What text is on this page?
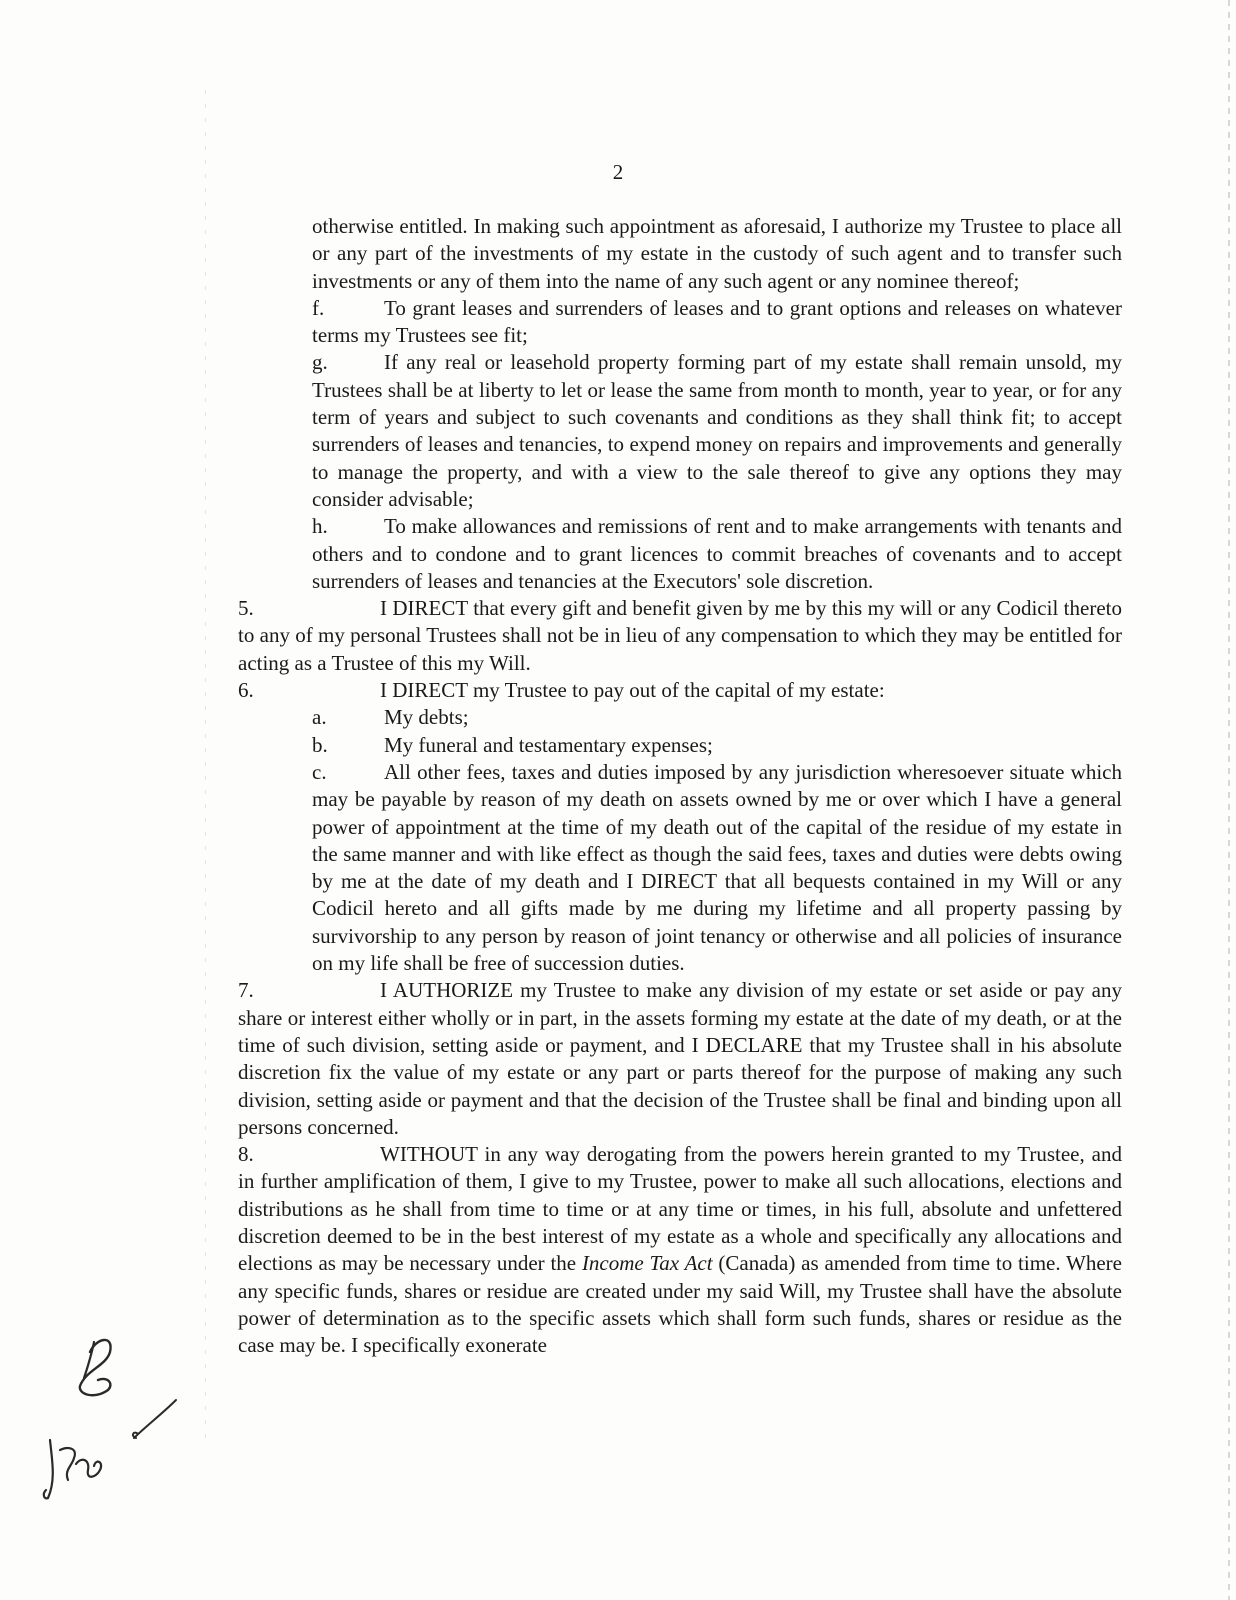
2

otherwise entitled. In making such appointment as aforesaid, I authorize my Trustee to place all or any part of the investments of my estate in the custody of such agent and to transfer such investments or any of them into the name of any such agent or any nominee thereof;

f.	To grant leases and surrenders of leases and to grant options and releases on whatever terms my Trustees see fit;

g.	If any real or leasehold property forming part of my estate shall remain unsold, my Trustees shall be at liberty to let or lease the same from month to month, year to year, or for any term of years and subject to such covenants and conditions as they shall think fit; to accept surrenders of leases and tenancies, to expend money on repairs and improvements and generally to manage the property, and with a view to the sale thereof to give any options they may consider advisable;

h.	To make allowances and remissions of rent and to make arrangements with tenants and others and to condone and to grant licences to commit breaches of covenants and to accept surrenders of leases and tenancies at the Executors' sole discretion.

5.	I DIRECT that every gift and benefit given by me by this my will or any Codicil thereto to any of my personal Trustees shall not be in lieu of any compensation to which they may be entitled for acting as a Trustee of this my Will.

6.	I DIRECT my Trustee to pay out of the capital of my estate:

a.	My debts;

b.	My funeral and testamentary expenses;

c.	All other fees, taxes and duties imposed by any jurisdiction wheresoever situate which may be payable by reason of my death on assets owned by me or over which I have a general power of appointment at the time of my death out of the capital of the residue of my estate in the same manner and with like effect as though the said fees, taxes and duties were debts owing by me at the date of my death and I DIRECT that all bequests contained in my Will or any Codicil hereto and all gifts made by me during my lifetime and all property passing by survivorship to any person by reason of joint tenancy or otherwise and all policies of insurance on my life shall be free of succession duties.

7.	I AUTHORIZE my Trustee to make any division of my estate or set aside or pay any share or interest either wholly or in part, in the assets forming my estate at the date of my death, or at the time of such division, setting aside or payment, and I DECLARE that my Trustee shall in his absolute discretion fix the value of my estate or any part or parts thereof for the purpose of making any such division, setting aside or payment and that the decision of the Trustee shall be final and binding upon all persons concerned.

8.	WITHOUT in any way derogating from the powers herein granted to my Trustee, and in further amplification of them, I give to my Trustee, power to make all such allocations, elections and distributions as he shall from time to time or at any time or times, in his full, absolute and unfettered discretion deemed to be in the best interest of my estate as a whole and specifically any allocations and elections as may be necessary under the Income Tax Act (Canada) as amended from time to time. Where any specific funds, shares or residue are created under my said Will, my Trustee shall have the absolute power of determination as to the specific assets which shall form such funds, shares or residue as the case may be. I specifically exonerate
